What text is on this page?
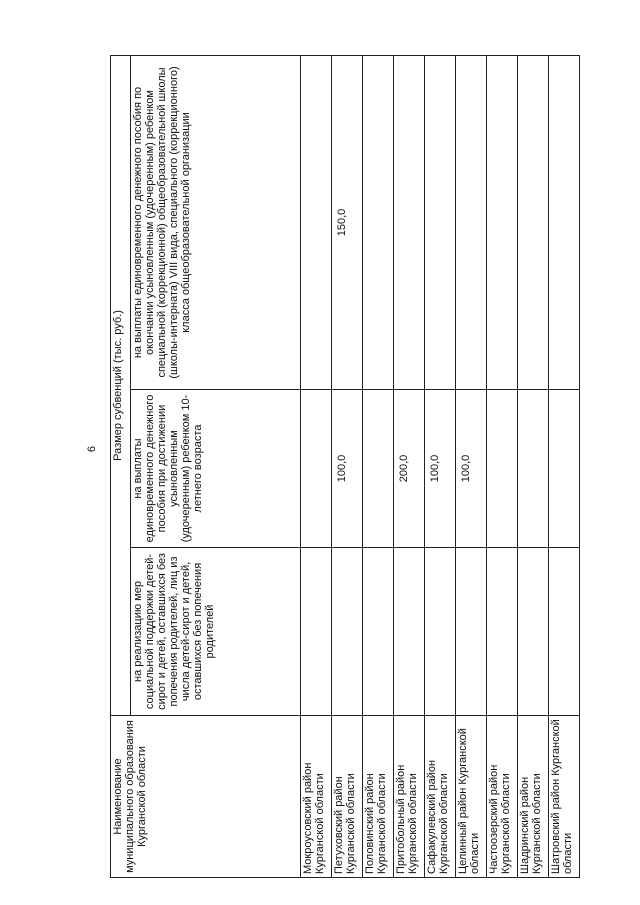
6
Наименование муниципального образования Курганской области	Размер субвенций (тыс. руб.)		
	на реализацию мер социальной поддержки детей-сирот и детей, оставшихся без попечения родителей, лиц из числа детей-сирот и детей, оставшихся без попечения родителей	на выплаты единовременного денежного пособия при достижении усыновленным (удочеренным) ребенком 10-летнего возраста	на выплаты единовременного денежного пособия по окончании усыновленным (удочеренным) ребенком специальной (коррекционной) общеобразовательной школы (школы-интерната) VIII вида, специального (коррекционного) класса общеобразовательной организации
Мокроусовский район Курганской области			
Петуховский район Курганской области		100,0	150,0
Половинский район Курганской области			
Притобольный район Курганской области		200,0	
Сафакулевский район Курганской области		100,0	
Целинный район Курганской области		100,0	
Частоозерский район Курганской области			
Шадринский район Курганской области			
Шатровский район Курганской области			
